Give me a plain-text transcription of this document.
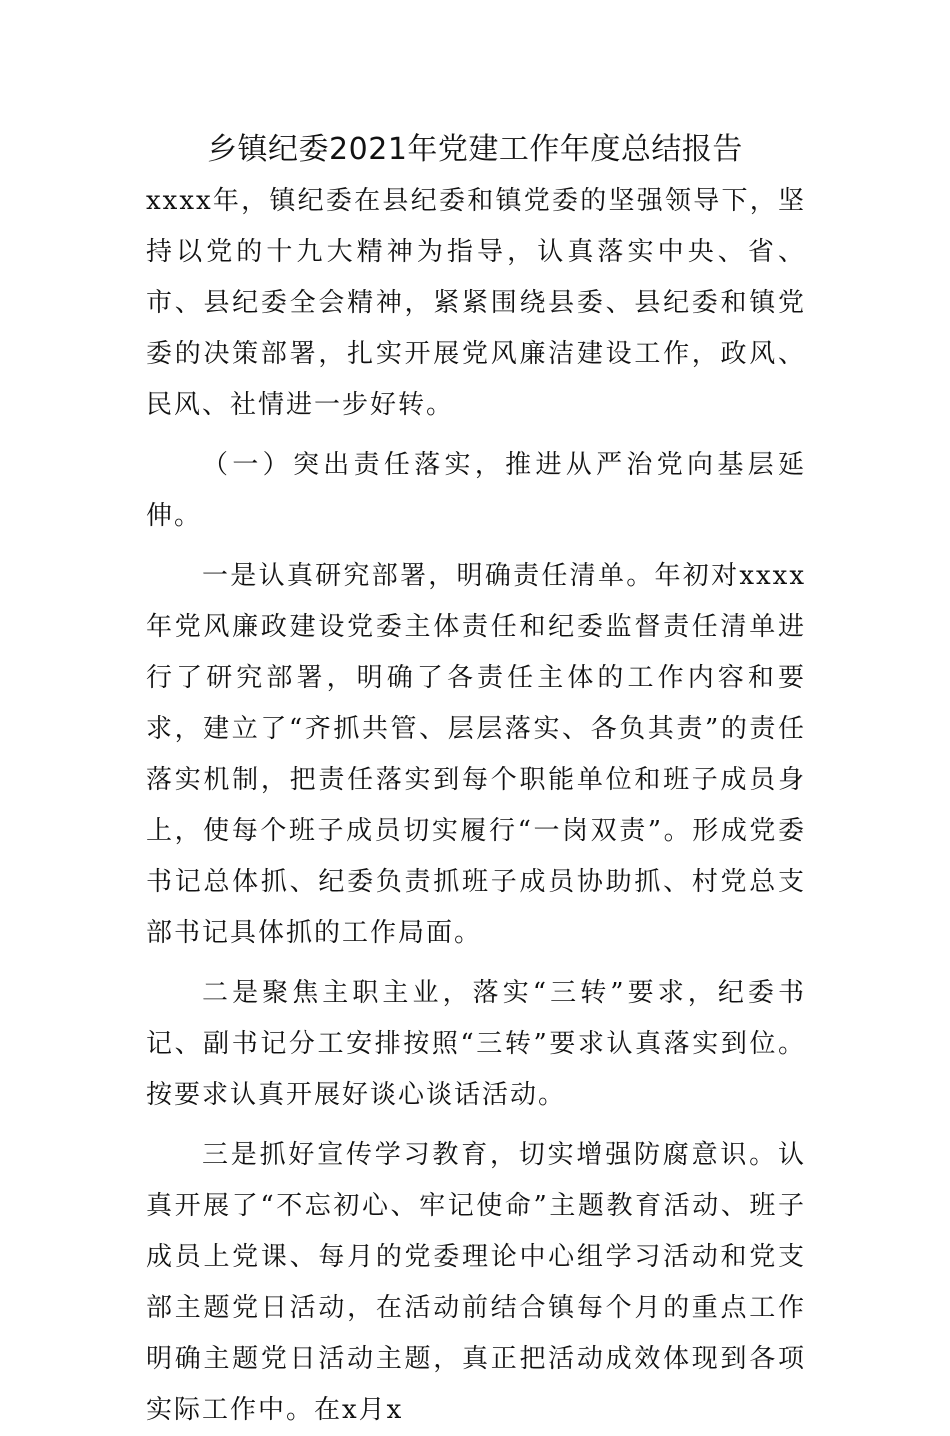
乡镇纪委2021年党建工作年度总结报告

xxxx年，镇纪委在县纪委和镇党委的坚强领导下，坚持以党的十九大精神为指导，认真落实中央、省、市、县纪委全会精神，紧紧围绕县委、县纪委和镇党委的决策部署，扎实开展党风廉洁建设工作，政风、民风、社情进一步好转。

（一）突出责任落实，推进从严治党向基层延伸。

一是认真研究部署，明确责任清单。年初对xxxx年党风廉政建设党委主体责任和纪委监督责任清单进行了研究部署，明确了各责任主体的工作内容和要求，建立了“齐抓共管、层层落实、各负其责”的责任落实机制，把责任落实到每个职能单位和班子成员身上，使每个班子成员切实履行“一岗双责”。形成党委书记总体抓、纪委负责抓班子成员协助抓、村党总支部书记具体抓的工作局面。

二是聚焦主职主业，落实“三转”要求，纪委书记、副书记分工安排按照“三转”要求认真落实到位。按要求认真开展好谈心谈话活动。

三是抓好宣传学习教育，切实增强防腐意识。认真开展了“不忘初心、牢记使命”主题教育活动、班子成员上党课、每月的党委理论中心组学习活动和党支部主题党日活动，在活动前结合镇每个月的重点工作明确主题党日活动主题，真正把活动成效体现到各项实际工作中。在x月x
